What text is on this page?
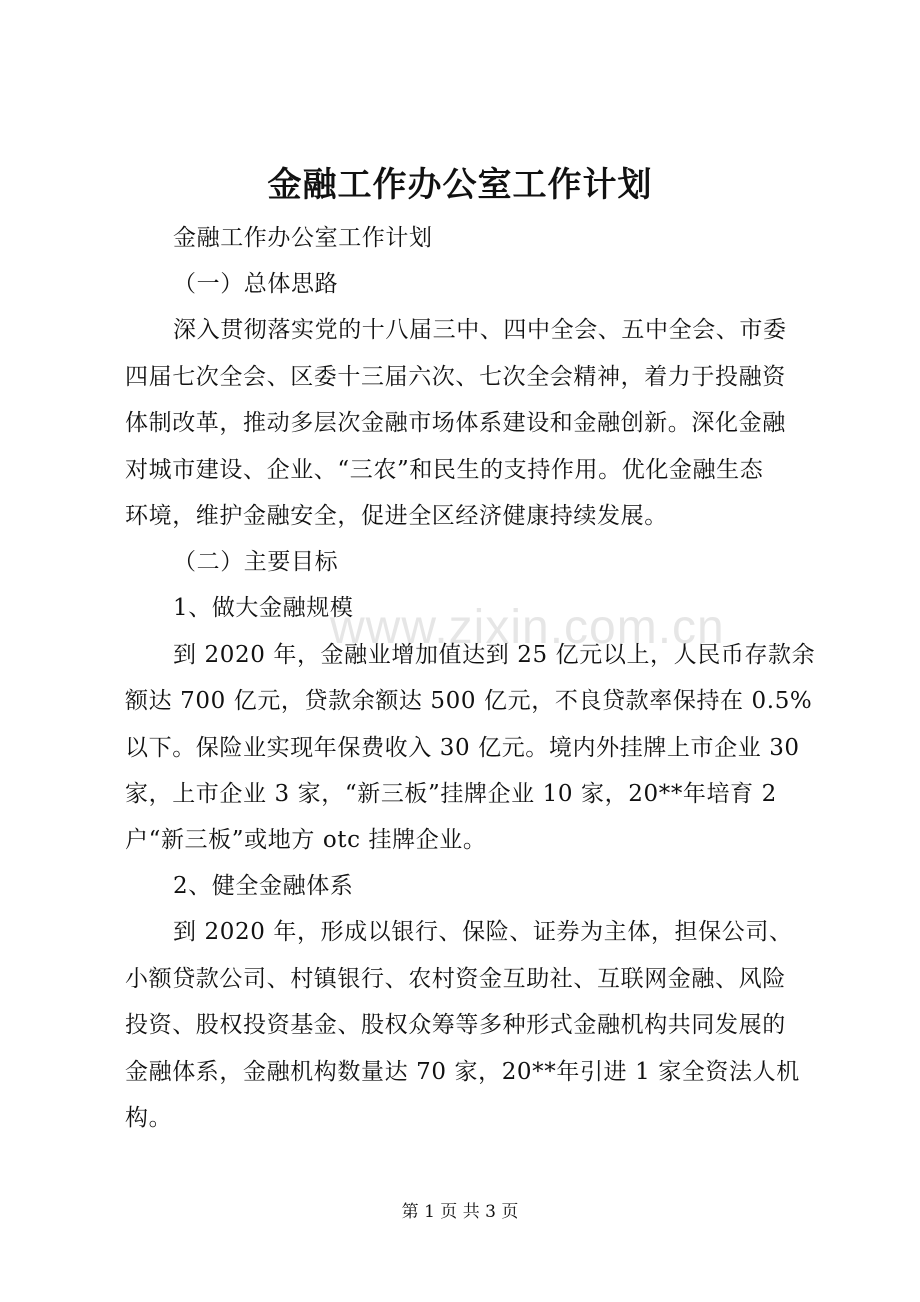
金融工作办公室工作计划
www.zixin.com.cn
金融工作办公室工作计划
（一）总体思路
深入贯彻落实党的十八届三中、四中全会、五中全会、市委
四届七次全会、区委十三届六次、七次全会精神，着力于投融资
体制改革，推动多层次金融市场体系建设和金融创新。深化金融
对城市建设、企业、“三农”和民生的支持作用。优化金融生态
环境，维护金融安全，促进全区经济健康持续发展。
（二）主要目标
1、做大金融规模
到 2020 年，金融业增加值达到 25 亿元以上，人民币存款余
额达 700 亿元，贷款余额达 500 亿元，不良贷款率保持在 0.5%
以下。保险业实现年保费收入 30 亿元。境内外挂牌上市企业 30
家，上市企业 3 家，“新三板”挂牌企业 10 家，20**年培育 2
户“新三板”或地方 otc 挂牌企业。
2、健全金融体系
到 2020 年，形成以银行、保险、证券为主体，担保公司、
小额贷款公司、村镇银行、农村资金互助社、互联网金融、风险
投资、股权投资基金、股权众筹等多种形式金融机构共同发展的
金融体系，金融机构数量达 70 家，20**年引进 1 家全资法人机
构。
第 1 页 共 3 页
